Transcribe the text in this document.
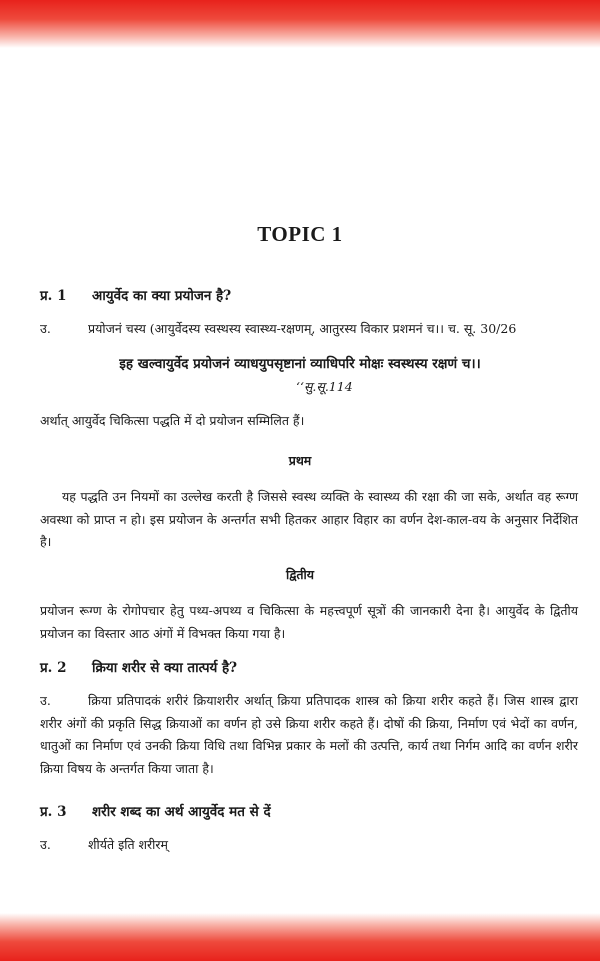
TOPIC 1
प्र. 1 आयुर्वेद का क्या प्रयोजन है?
उ.	प्रयोजनं चस्य (आयुर्वेदस्य स्वस्थस्य स्वास्थ्य-रक्षणम्, आतुरस्य विकार प्रशमनं च।। च. सू. 30/26
इह खल्वायुर्वेद प्रयोजनं व्याधयुपसृष्टानां व्याधिपरि मोक्षः स्वस्थस्य रक्षणं च।।
‘‘सु.सू.114
अर्थात् आयुर्वेद चिकित्सा पद्धति में दो प्रयोजन सम्मिलित हैं।
प्रथम
यह पद्धति उन नियमों का उल्लेख करती है जिससे स्वस्थ व्यक्ति के स्वास्थ्य की रक्षा की जा सके, अर्थात वह रूग्ण अवस्था को प्राप्त न हो। इस प्रयोजन के अन्तर्गत सभी हितकर आहार विहार का वर्णन देश-काल-वय के अनुसार निर्देशित है।
द्वितीय
प्रयोजन रूग्ण के रोगोपचार हेतु पथ्य-अपथ्य व चिकित्सा के महत्त्वपूर्ण सूत्रों की जानकारी देना है। आयुर्वेद के द्वितीय प्रयोजन का विस्तार आठ अंगों में विभक्त किया गया है।
प्र. 2 क्रिया शरीर से क्या तात्पर्य है?
उ.	क्रिया प्रतिपादकं शरीरं क्रियाशरीर अर्थात् क्रिया प्रतिपादक शास्त्र को क्रिया शरीर कहते हैं। जिस शास्त्र द्वारा शरीर अंगों की प्रकृति सिद्ध क्रियाओं का वर्णन हो उसे क्रिया शरीर कहते हैं। दोषों की क्रिया, निर्माण एवं भेदों का वर्णन, धातुओं का निर्माण एवं उनकी क्रिया विधि तथा विभिन्न प्रकार के मलों की उत्पत्ति, कार्य तथा निर्गम आदि का वर्णन शरीर क्रिया विषय के अन्तर्गत किया जाता है।
प्र. 3 शरीर शब्द का अर्थ आयुर्वेद मत से दें
उ.	शीर्यते इति शरीरम्
